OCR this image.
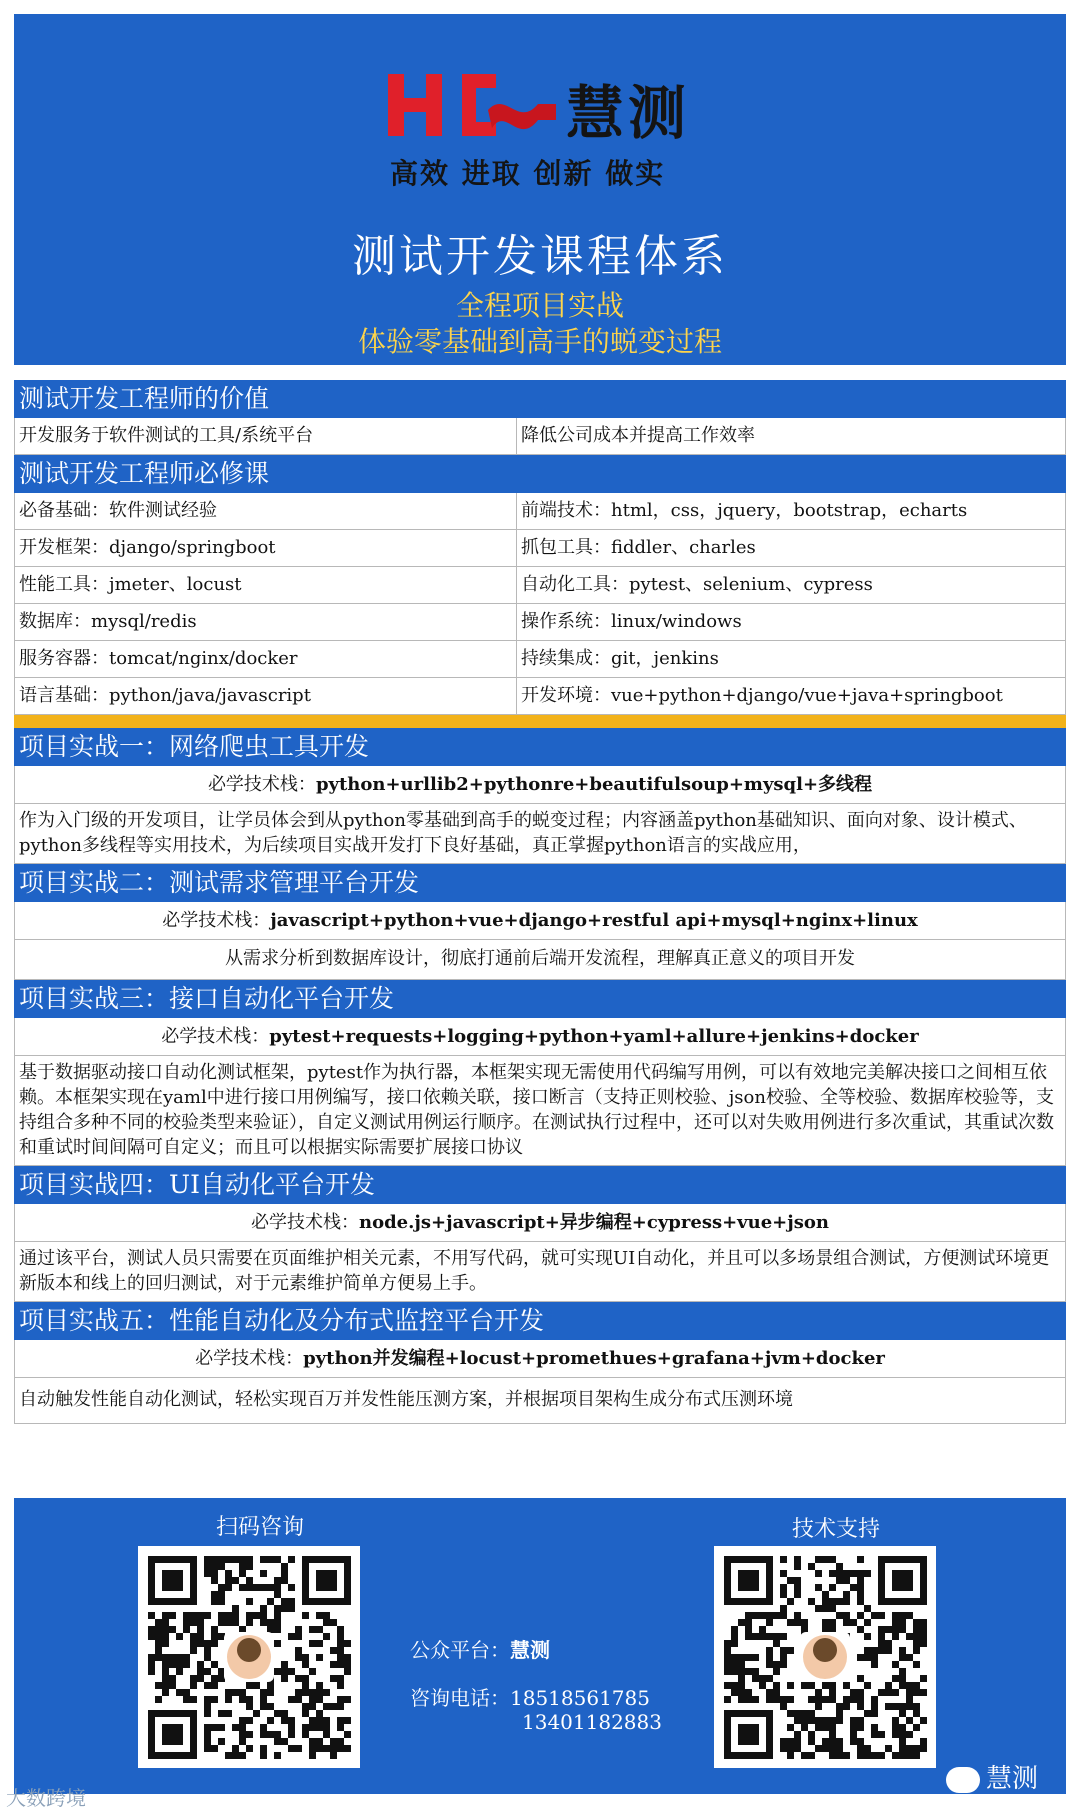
慧测
高效 进取 创新 做实
测试开发课程体系
全程项目实战
体验零基础到高手的蜕变过程
测试开发工程师的价值
开发服务于软件测试的工具/系统平台	降低公司成本并提高工作效率
测试开发工程师必修课
必备基础：软件测试经验	前端技术：html，css，jquery，bootstrap，echarts
开发框架：django/springboot	抓包工具：fiddler、charles
性能工具：jmeter、locust	自动化工具：pytest、selenium、cypress
数据库：mysql/redis	操作系统：linux/windows
服务容器：tomcat/nginx/docker	持续集成：git，jenkins
语言基础：python/java/javascript	开发环境：vue+python+django/vue+java+springboot
项目实战一：网络爬虫工具开发
必学技术栈：python+urllib2+pythonre+beautifulsoup+mysql+多线程
作为入门级的开发项目，让学员体会到从python零基础到高手的蜕变过程；内容涵盖python基础知识、面向对象、设计模式、python多线程等实用技术，为后续项目实战开发打下良好基础，真正掌握python语言的实战应用，
项目实战二：测试需求管理平台开发
必学技术栈：javascript+python+vue+django+restful api+mysql+nginx+linux
从需求分析到数据库设计，彻底打通前后端开发流程，理解真正意义的项目开发
项目实战三：接口自动化平台开发
必学技术栈：pytest+requests+logging+python+yaml+allure+jenkins+docker
基于数据驱动接口自动化测试框架，pytest作为执行器，本框架实现无需使用代码编写用例，可以有效地完美解决接口之间相互依赖。本框架实现在yaml中进行接口用例编写，接口依赖关联，接口断言（支持正则校验、json校验、全等校验、数据库校验等，支持组合多种不同的校验类型来验证），自定义测试用例运行顺序。在测试执行过程中，还可以对失败用例进行多次重试，其重试次数和重试时间间隔可自定义；而且可以根据实际需要扩展接口协议
项目实战四：UI自动化平台开发
必学技术栈：node.js+javascript+异步编程+cypress+vue+json
通过该平台，测试人员只需要在页面维护相关元素，不用写代码，就可实现UI自动化，并且可以多场景组合测试，方便测试环境更新版本和线上的回归测试，对于元素维护简单方便易上手。
项目实战五：性能自动化及分布式监控平台开发
必学技术栈：python并发编程+locust+promethues+grafana+jvm+docker
自动触发性能自动化测试，轻松实现百万并发性能压测方案，并根据项目架构生成分布式压测环境
扫码咨询
公众平台：慧测
咨询电话：18518561785
13401182883
技术支持
慧测
大数跨境
